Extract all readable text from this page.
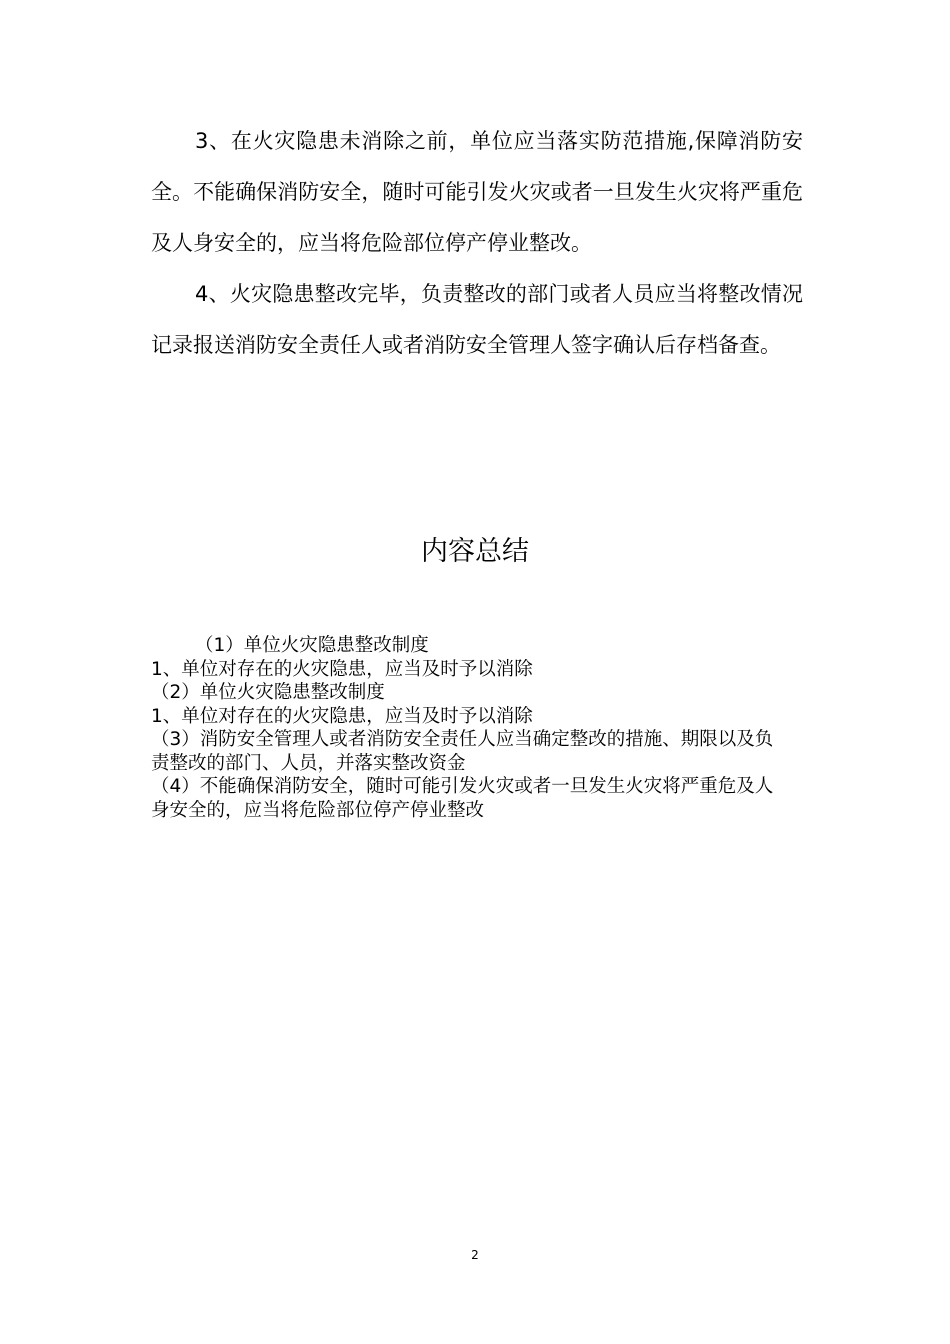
3、在火灾隐患未消除之前，单位应当落实防范措施,保障消防安全。不能确保消防安全，随时可能引发火灾或者一旦发生火灾将严重危及人身安全的，应当将危险部位停产停业整改。

4、火灾隐患整改完毕，负责整改的部门或者人员应当将整改情况记录报送消防安全责任人或者消防安全管理人签字确认后存档备查。

内容总结
（1）单位火灾隐患整改制度
1、单位对存在的火灾隐患，应当及时予以消除
（2）单位火灾隐患整改制度
1、单位对存在的火灾隐患，应当及时予以消除
（3）消防安全管理人或者消防安全责任人应当确定整改的措施、期限以及负责整改的部门、人员，并落实整改资金
（4）不能确保消防安全，随时可能引发火灾或者一旦发生火灾将严重危及人身安全的，应当将危险部位停产停业整改
2
